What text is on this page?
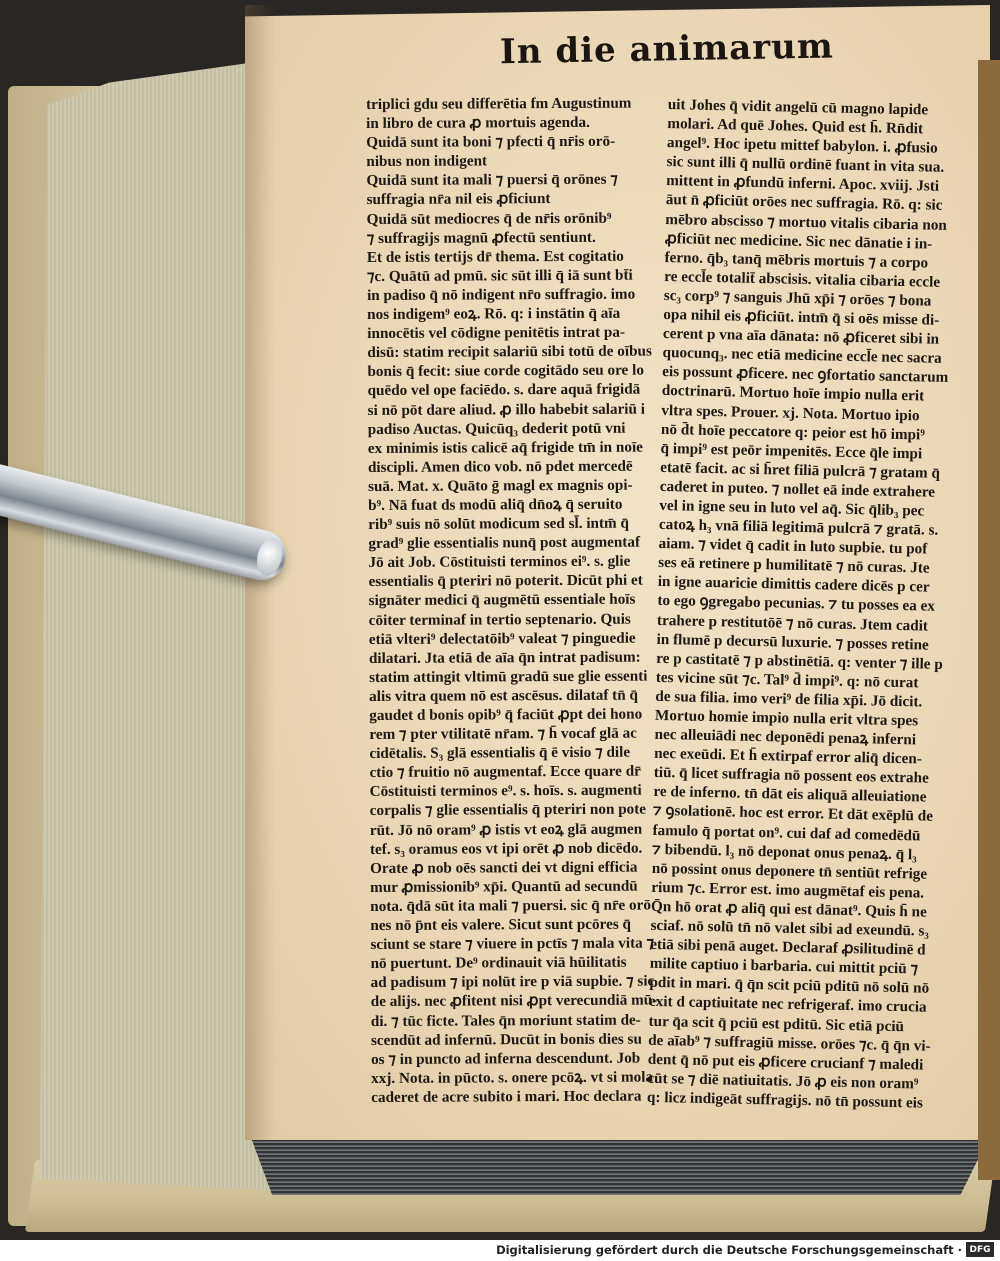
In die animarum
triplici gdu seu differētia fm Augustinum
in libro de cura ꝓ mortuis agenda.
Quidā sunt ita boni ⁊ pfecti q̄ nr̄is orō-
nibus non indigent
Quidā sunt ita mali ⁊ puersi q̄ orōnes ⁊
suffragia nr̄a nil eis ꝓficiunt
Quidā sūt mediocres q̄ de nr̄is orōnib⁹
⁊ suffragijs magnū ꝓfectū sentiunt.
Et de istis tertijs dr̄ thema. Est cogitatio
⁊c. Quātū ad pmū. sic sūt illi q̄ iā sunt bt̄i
in padiso q̄ nō indigent nr̄o suffragio. imo
nos indigem⁹ eoꝝ. Rō. q: i instātin q̄ aīa
innocētis vel cōdigne penitētis intrat pa-
disū: statim recipit salariū sibi totū de oībus
bonis q̄ fecit: siue corde cogitādo seu ore lo
quēdo vel ope faciēdo. s. dare aquā frigidā
si nō pōt dare aliud. ꝓ illo habebit salariū i
padiso Auctas. Quicūq₃ dederit potū vni
ex minimis istis calicē aq̄ frigide tm̄ in noīe
discipli. Amen dico vob. nō pdet mercedē
suā. Mat. x. Quāto ḡ magl ex magnis opi-
b⁹. Nā fuat ds modū aliq̄ dn̄oꝝ q̄ seruito
rib⁹ suis nō solūt modicum sed sl̄. intm̄ q̄
grad⁹ glie essentialis nunq̄ post augmentaf
Jō ait Job. Cōstituisti terminos ei⁹. s. glie
essentialis q̄ pteriri nō poterit. Dicūt phi et
signāter medici q̄ augmētū essentiale hoīs
cōiter terminaf in tertio septenario. Quis
etiā vlteri⁹ delectatōib⁹ valeat ⁊ pinguedie
dilatari. Jta etiā de aīa q̄n intrat padisum:
statim attingit vltimū gradū sue glie essenti
alis vitra quem nō est ascēsus. dilataf tn̄ q̄
gaudet d bonis opib⁹ q̄ faciūt ꝓpt dei hono
rem ⁊ pter vtilitatē nr̄am. ⁊ h̄ vocaf glā ac
cidētalis. S₃ glā essentialis q̄ ē visio ⁊ dile
ctio ⁊ fruitio nō augmentaf. Ecce quare dr̄
Cōstituisti terminos e⁹. s. hoīs. s. augmenti
corpalis ⁊ glie essentialis q̄ pteriri non pote
rūt. Jō nō oram⁹ ꝓ istis vt eoꝝ glā augmen
tef. s₃ oramus eos vt ipi orēt ꝓ nob dicēdo.
Orate ꝓ nob oēs sancti dei vt digni efficia
mur ꝓmissionib⁹ xp̄i. Quantū ad secundū
nota. q̄dā sūt ita mali ⁊ puersi. sic q̄ nr̄e orō
nes nō p̄nt eis valere. Sicut sunt pcōres q̄
sciunt se stare ⁊ viuere in pctīs ⁊ mala vita ⁊
nō puertunt. De⁹ ordinauit viā hūilitatis
ad padisum ⁊ ipi nolūt ire p viā supbie. ⁊ sic
de alijs. nec ꝓfitent nisi ꝓpt verecundiā mū-
di. ⁊ tūc ficte. Tales q̄n moriunt statim de-
scendūt ad infernū. Ducūt in bonis dies su
os ⁊ in puncto ad inferna descendunt. Job
xxj. Nota. in pūcto. s. onere pcōꝝ. vt si mola
caderet de acre subito i mari. Hoc declara
uit Johes q̄ vidit angelū cū magno lapide
molari. Ad quē Johes. Quid est h̄. Rn̄dit
angel⁹. Hoc ipetu mittef babylon. i. ꝓfusio
sic sunt illi q̄ nullū ordinē fuant in vita sua.
mittent in ꝓfundū inferni. Apoc. xviij. Jsti
āut n̄ ꝓficiūt orōes nec suffragia. Rō. q: sic
mēbro abscisso ⁊ mortuo vitalis cibaria non
ꝓficiūt nec medicine. Sic nec dānatie i in-
ferno. q̄b₃ tanq̄ mēbris mortuis ⁊ a corpo
re eccl̄e totalit̄ abscisis. vitalia cibaria eccle
sc₃ corp⁹ ⁊ sanguis Jhū xp̄i ⁊ orōes ⁊ bona
opa nihil eis ꝓficiūt. intm̄ q̄ si oēs misse di-
cerent p vna aīa dānata: nō ꝓficeret sibi in
quocunq₃. nec etiā medicine eccl̄e nec sacra
eis possunt ꝓficere. nec ꝯfortatio sanctarum
doctrinarū. Mortuo hoīe impio nulla erit
vltra spes. Prouer. xj. Nota. Mortuo ipio
nō d̄t hoīe peccatore q: peior est hō impi⁹
q̄ impi⁹ est peōr impenitēs. Ecce q̄le impi
etatē facit. ac si h̄ret filiā pulcrā ⁊ gratam q̄
caderet in puteo. ⁊ nollet eā inde extrahere
vel in igne seu in luto vel aq̄. Sic q̄lib₃ pec
catoꝝ h₃ vnā filiā legitimā pulcrā ⁊ gratā. s.
aiam. ⁊ videt q̄ cadit in luto supbie. tu pof
ses eā retinere p humilitatē ⁊ nō curas. Jte
in igne auaricie dimittis cadere dicēs p cer
to ego ꝯgregabo pecunias. ⁊ tu posses ea ex
trahere p restitutōē ⁊ nō curas. Jtem cadit
in flumē p decursū luxurie. ⁊ posses retine
re p castitatē ⁊ p abstinētiā. q: venter ⁊ ille p
tes vicine sūt ⁊c. Tal⁹ d̄ impi⁹. q: nō curat
de sua filia. imo veri⁹ de filia xp̄i. Jō dicit.
Mortuo homie impio nulla erit vltra spes
nec alleuiādi nec deponēdi penaꝝ inferni
nec exeūdi. Et h̄ extirpaf error aliq̄ dicen-
tiū. q̄ licet suffragia nō possent eos extrahe
re de inferno. tn̄ dāt eis aliquā alleuiatione
⁊ ꝯsolationē. hoc est error. Et dāt exēplū de
famulo q̄ portat on⁹. cui daf ad comedēdū
⁊ bibendū. l₃ nō deponat onus penaꝝ. q̄ l₃
nō possint onus deponere tn̄ sentiūt refrige
rium ⁊c. Error est. imo augmētaf eis pena.
Q̄n hō orat ꝓ aliq̄ qui est dānat⁹. Quis h̄ ne
sciaf. nō solū tn̄ nō valet sibi ad exeundū. s₃
etiā sibi penā auget. Declaraf ꝓsilitudinē d
milite captiuo i barbaria. cui mittit pciū ⁊
pdit in mari. q̄ q̄n scit pciū pditū nō solū nō
exit d captiuitate nec refrigeraf. imo crucia
tur q̄a scit q̄ pciū est pditū. Sic etiā pciū
de aīab⁹ ⁊ suffragiū misse. orōes ⁊c. q̄ q̄n vi-
dent q̄ nō put eis ꝓficere crucianf ⁊ maledi
cūt se ⁊ diē natiuitatis. Jō ꝓ eis non oram⁹
q: licz indigeāt suffragijs. nō tn̄ possunt eis
Digitalisierung gefördert durch die Deutsche Forschungsgemeinschaft · DFG
